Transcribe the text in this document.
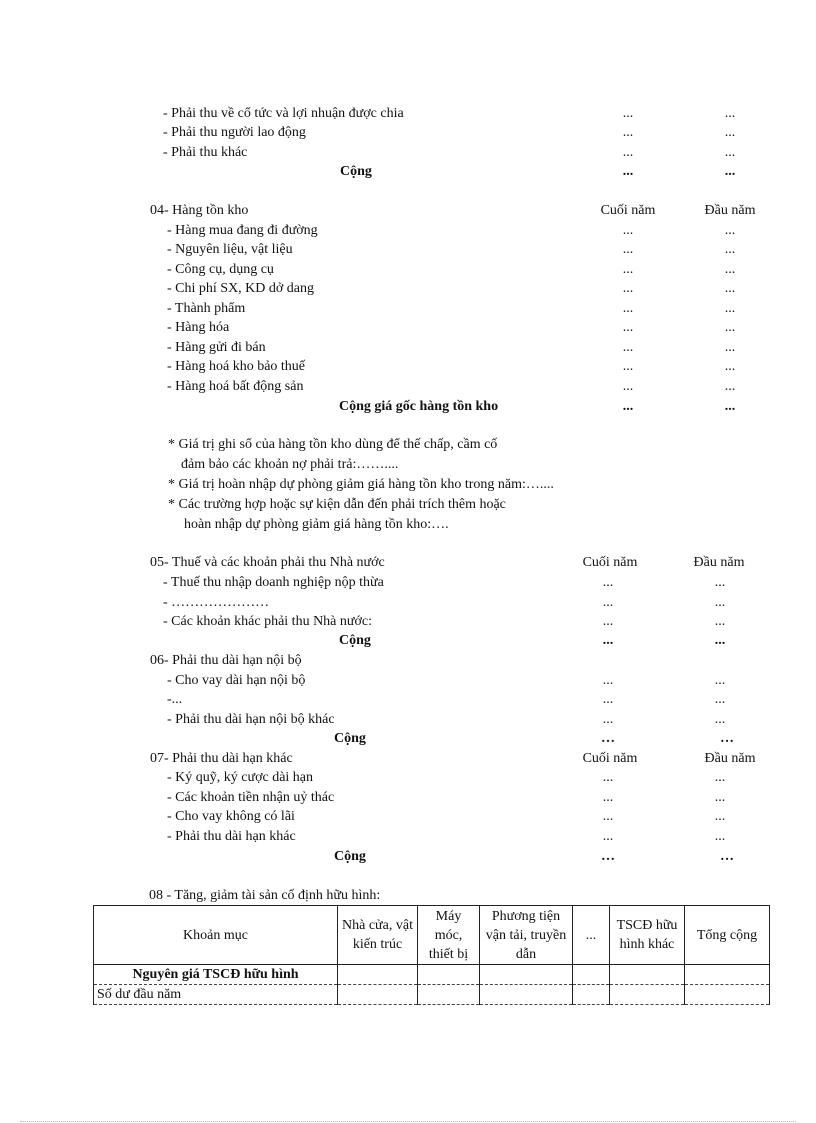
- Phải thu về cổ tức và lợi nhuận được chia	...	...
- Phải thu người lao động	...	...
- Phải thu khác	...	...
Cộng	...	...
04- Hàng tồn kho	Cuối năm	Đầu năm
- Hàng mua đang đi đường	...	...
- Nguyên liệu, vật liệu	...	...
- Công cụ, dụng cụ	...	...
- Chi phí SX, KD dở dang	...	...
- Thành phẩm	...	...
- Hàng hóa	...	...
- Hàng gửi đi bán	...	...
- Hàng hoá kho bảo thuế	...	...
- Hàng hoá bất động sản	...	...
Cộng giá gốc hàng tồn kho	...	...
* Giá trị ghi sổ của hàng tồn kho dùng để thế chấp, cầm cố
đảm bảo các khoản nợ phải trả:……....
* Giá trị hoàn nhập dự phòng giảm giá hàng tồn kho trong năm:…....
* Các trường hợp hoặc sự kiện dẫn đến phải trích thêm hoặc
hoàn nhập dự phòng giảm giá hàng tồn kho:….
05- Thuế và các khoản phải thu Nhà nước	Cuối năm	Đầu năm
- Thuế thu nhập doanh nghiệp nộp thừa	...	...
- …………………	...	...
- Các khoản khác phải thu Nhà nước:	...	...
Cộng	...	...
06- Phải thu dài hạn nội bộ
- Cho vay dài hạn nội bộ	...	...
-...	...	...
- Phải thu dài hạn nội bộ khác	...	...
Cộng	…	…
07- Phải thu dài hạn khác	Cuối năm	Đầu năm
- Ký quỹ, ký cược dài hạn	...	...
- Các khoản tiền nhận uỷ thác	...	...
- Cho vay không có lãi	...	...
- Phải thu dài hạn khác	...	...
Cộng	…	…
08 - Tăng, giảm tài sản cố định hữu hình:
Khoản mục	Nhà cửa, vật kiến trúc	Máy móc, thiết bị	Phương tiện vận tải, truyền dẫn	...	TSCĐ hữu hình khác	Tổng cộng
Nguyên giá TSCĐ hữu hình						
Số dư đầu năm						
